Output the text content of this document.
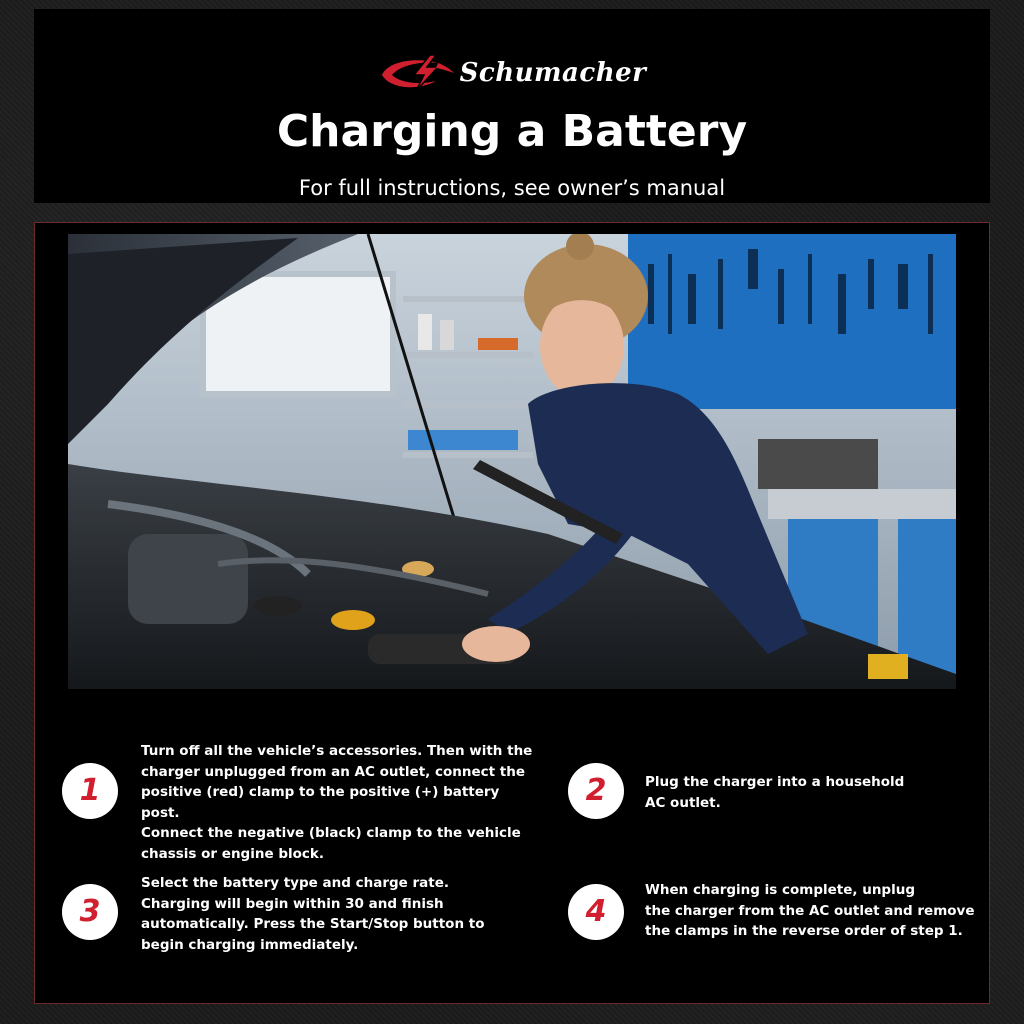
Schumacher
Charging a Battery
For full instructions, see owner’s manual
1
Turn off all the vehicle’s accessories. Then with the
charger unplugged from an AC outlet, connect the
positive (red) clamp to the positive (+) battery post.
Connect the negative (black) clamp to the vehicle
chassis or engine block.
2	Plug the charger into a household
AC outlet.
3
Select the battery type and charge rate.
Charging will begin within 30 and finish
automatically. Press the Start/Stop button to
begin charging immediately.
4
When charging is complete, unplug
the charger from the AC outlet and remove
the clamps in the reverse order of step 1.
